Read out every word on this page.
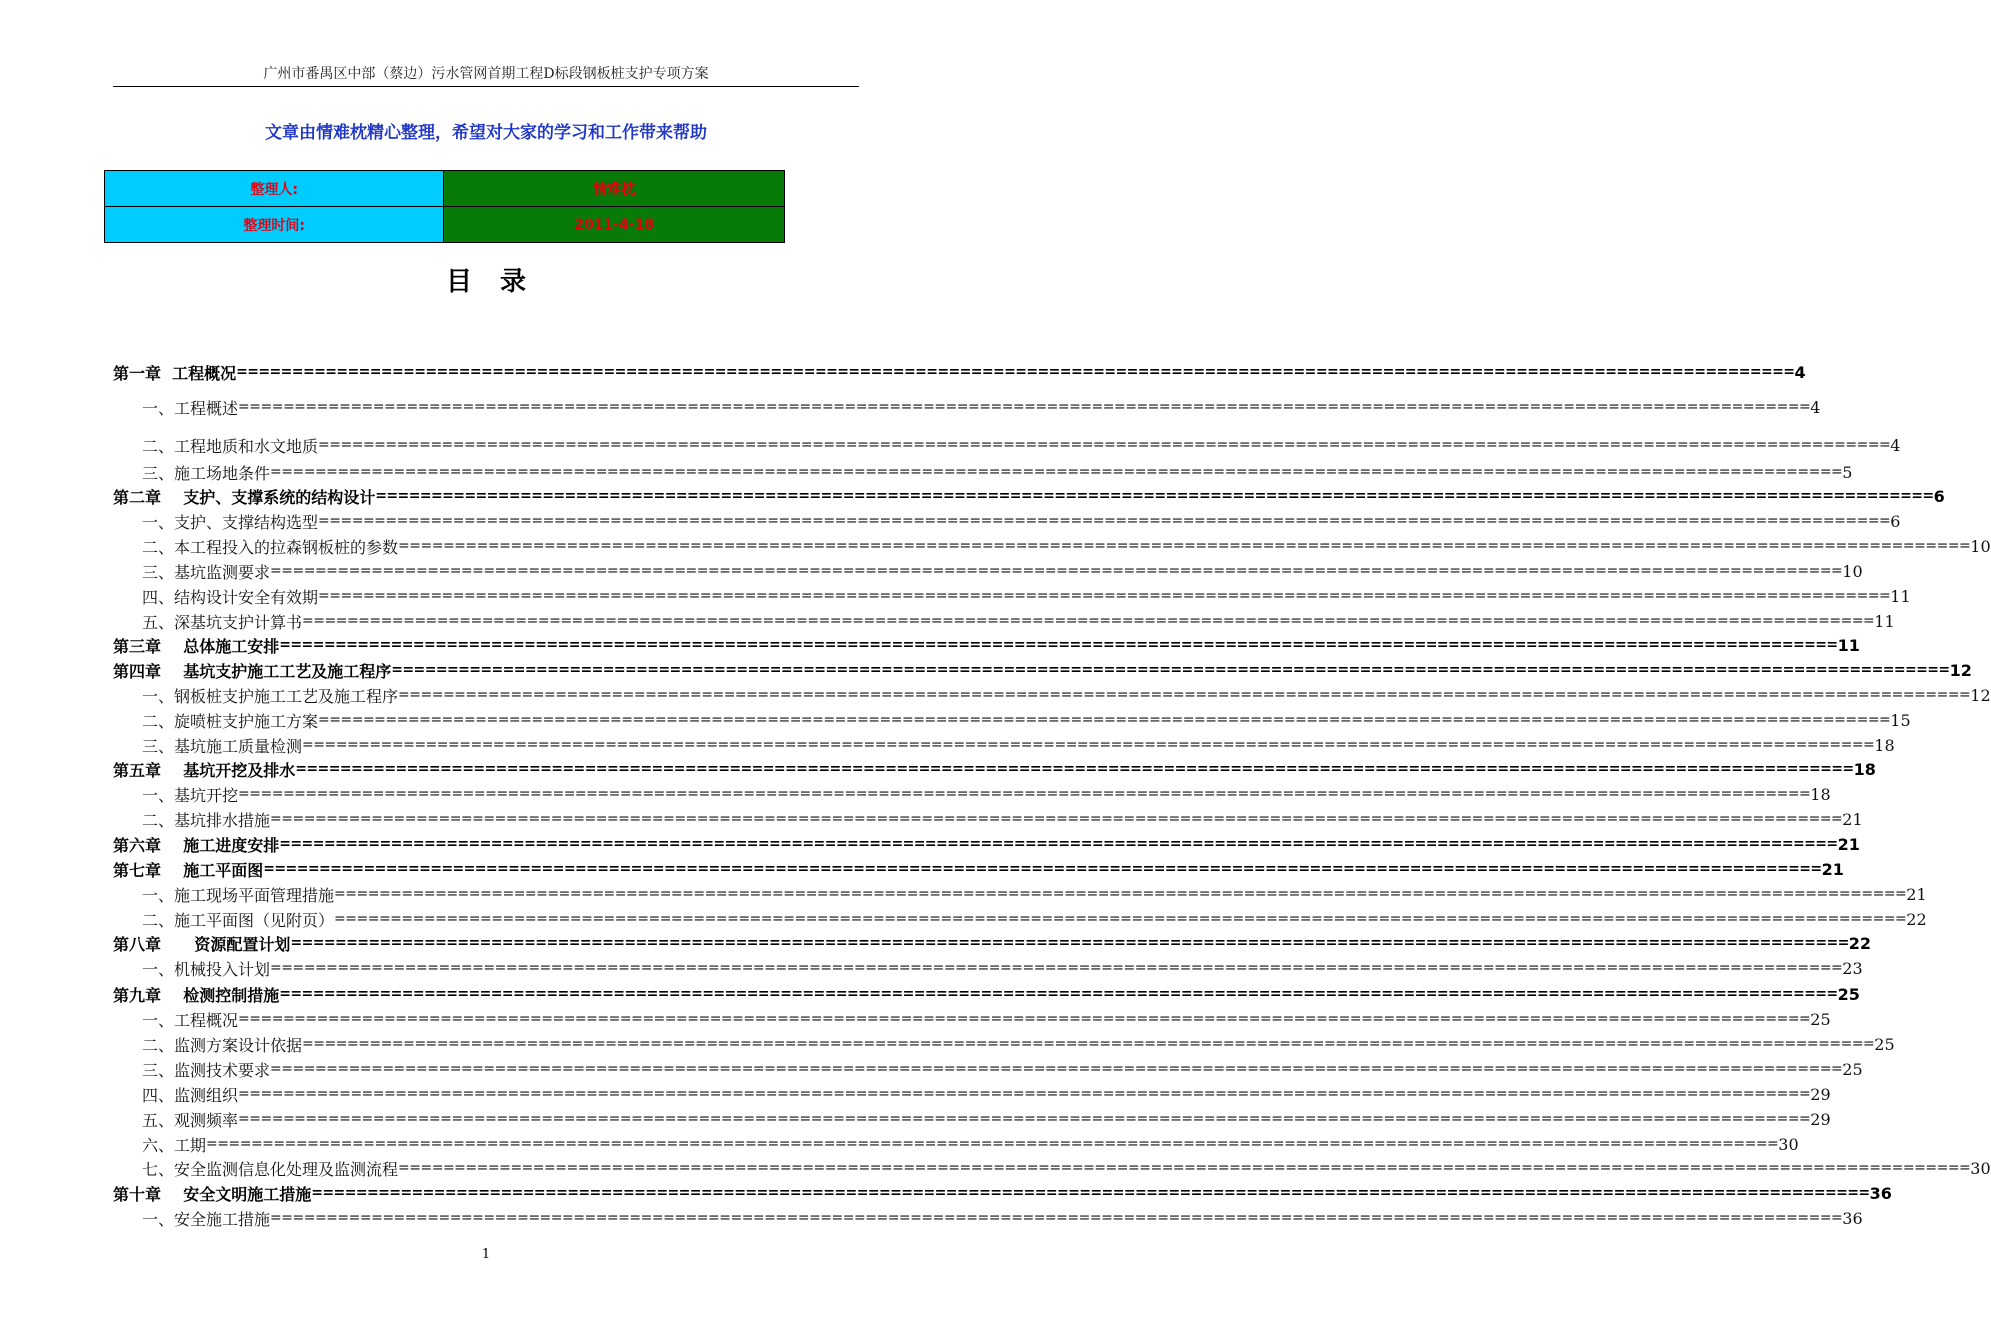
广州市番禺区中部（蔡边）污水管网首期工程D标段钢板桩支护专项方案
文章由情难枕精心整理，希望对大家的学习和工作带来帮助
整理人:	情难枕
整理时间:	2011-4-18
目录
第一章  工程概况 ============================================================================================================================================ 4
一、工程概述 ============================================================================================================================================ 4
二、工程地质和水文地质 ============================================================================================================================================ 4
三、施工场地条件 ============================================================================================================================================ 5
第二章    支护、支撑系统的结构设计 ============================================================================================================================================ 6
一、支护、支撑结构选型 ============================================================================================================================================ 6
二、本工程投入的拉森钢板桩的参数 ============================================================================================================================================ 10
三、基坑监测要求 ============================================================================================================================================ 10
四、结构设计安全有效期 ============================================================================================================================================ 11
五、深基坑支护计算书 ============================================================================================================================================ 11
第三章    总体施工安排 ============================================================================================================================================ 11
第四章    基坑支护施工工艺及施工程序 ============================================================================================================================================ 12
一、钢板桩支护施工工艺及施工程序 ============================================================================================================================================ 12
二、旋喷桩支护施工方案 ============================================================================================================================================ 15
三、基坑施工质量检测 ============================================================================================================================================ 18
第五章    基坑开挖及排水 ============================================================================================================================================ 18
一、基坑开挖 ============================================================================================================================================ 18
二、基坑排水措施 ============================================================================================================================================ 21
第六章    施工进度安排 ============================================================================================================================================ 21
第七章    施工平面图 ============================================================================================================================================ 21
一、施工现场平面管理措施 ============================================================================================================================================ 21
二、施工平面图（见附页） ============================================================================================================================================ 22
第八章      资源配置计划 ============================================================================================================================================ 22
一、机械投入计划 ============================================================================================================================================ 23
第九章    检测控制措施 ============================================================================================================================================ 25
一、工程概况 ============================================================================================================================================ 25
二、监测方案设计依据 ============================================================================================================================================ 25
三、监测技术要求 ============================================================================================================================================ 25
四、监测组织 ============================================================================================================================================ 29
五、观测频率 ============================================================================================================================================ 29
六、工期 ============================================================================================================================================ 30
七、安全监测信息化处理及监测流程 ============================================================================================================================================ 30
第十章    安全文明施工措施 ============================================================================================================================================ 36
一、安全施工措施 ============================================================================================================================================ 36
1
